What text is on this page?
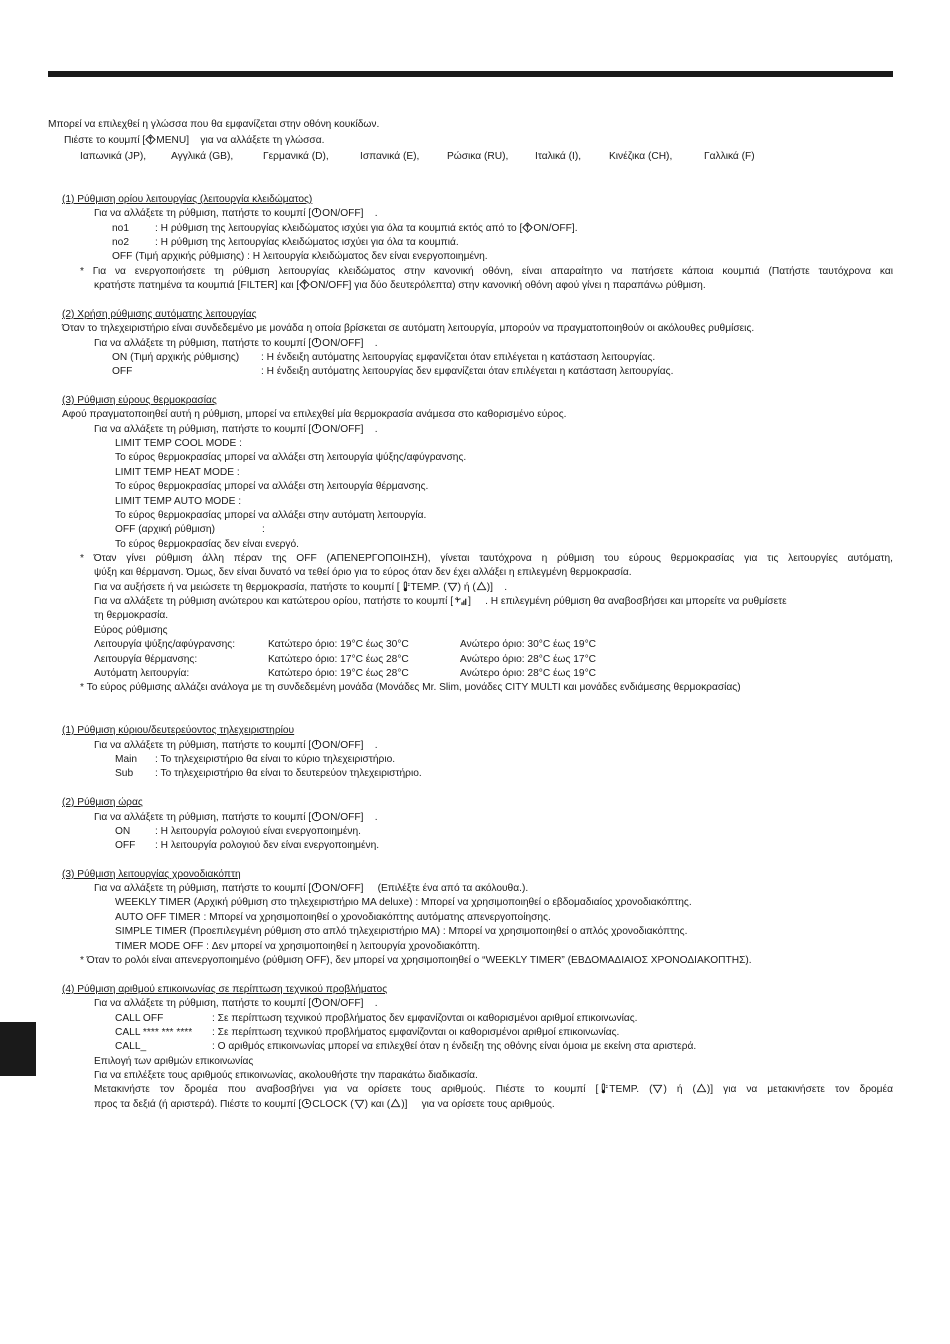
Μπορεί να επιλεχθεί η γλώσσα που θα εμφανίζεται στην οθόνη κουκίδων.
Πιέστε το κουμπί [ MENU] για να αλλάξετε τη γλώσσα.
Ιαπωνικά (JP), Αγγλικά (GB),	Γερμανικά (D),	Ισπανικά (E),	Ρώσικα (RU),	Ιταλικά (I),	Κινέζικα (CH),	Γαλλικά (F)
(1) Ρύθμιση ορίου λειτουργίας (λειτουργία κλειδώματος)
Για να αλλάξετε τη ρύθμιση, πατήστε το κουμπί [ ON/OFF] .
no1	: Η ρύθμιση της λειτουργίας κλειδώματος ισχύει για όλα τα κουμπιά εκτός από το [ ON/OFF].
no2	: Η ρύθμιση της λειτουργίας κλειδώματος ισχύει για όλα τα κουμπιά.
OFF (Τιμή αρχικής ρύθμισης) : Η λειτουργία κλειδώματος δεν είναι ενεργοποιημένη.
* Για να ενεργοποιήσετε τη ρύθμιση λειτουργίας κλειδώματος στην κανονική οθόνη, είναι απαραίτητο να πατήσετε κάποια κουμπιά (Πατήστε ταυτόχρονα και
κρατήστε πατημένα τα κουμπιά [FILTER] και [ ON/OFF] για δύο δευτερόλεπτα) στην κανονική οθόνη αφού γίνει η παραπάνω ρύθμιση.
(2) Χρήση ρύθμισης αυτόματης λειτουργίας
Όταν το τηλεχειριστήριο είναι συνδεδεμένο με μονάδα η οποία βρίσκεται σε αυτόματη λειτουργία, μπορούν να πραγματοποιηθούν οι ακόλουθες ρυθμίσεις.
Για να αλλάξετε τη ρύθμιση, πατήστε το κουμπί [ ON/OFF] .
ON (Τιμή αρχικής ρύθμισης) : Η ένδειξη αυτόματης λειτουργίας εμφανίζεται όταν επιλέγεται η κατάσταση λειτουργίας.
OFF	: Η ένδειξη αυτόματης λειτουργίας δεν εμφανίζεται όταν επιλέγεται η κατάσταση λειτουργίας.
(3) Ρύθμιση εύρους θερμοκρασίας
Αφού πραγματοποιηθεί αυτή η ρύθμιση, μπορεί να επιλεχθεί μία θερμοκρασία ανάμεσα στο καθορισμένο εύρος.
Για να αλλάξετε τη ρύθμιση, πατήστε το κουμπί [ ON/OFF] .
LIMIT TEMP COOL MODE :
Το εύρος θερμοκρασίας μπορεί να αλλάξει στη λειτουργία ψύξης/αφύγρανσης.
LIMIT TEMP HEAT MODE :
Το εύρος θερμοκρασίας μπορεί να αλλάξει στη λειτουργία θέρμανσης.
LIMIT TEMP AUTO MODE :
Το εύρος θερμοκρασίας μπορεί να αλλάξει στην αυτόματη λειτουργία.
OFF (αρχική ρύθμιση)	:
Το εύρος θερμοκρασίας δεν είναι ενεργό.
* Όταν γίνει ρύθμιση άλλη πέραν της OFF (ΑΠΕΝΕΡΓΟΠΟΙΗΣΗ), γίνεται ταυτόχρονα η ρύθμιση του εύρους θερμοκρασίας για τις λειτουργίες αυτόματη,
ψύξη και θέρμανση. Όμως, δεν είναι δυνατό να τεθεί όριο για το εύρος όταν δεν έχει αλλάξει η επιλεγμένη θερμοκρασία.
Για να αυξήσετε ή να μειώσετε τη θερμοκρασία, πατήστε το κουμπί [ TEMP. ( ) ή ( )] .
Για να αλλάξετε τη ρύθμιση ανώτερου και κατώτερου ορίου, πατήστε το κουμπί [ ] . Η επιλεγμένη ρύθμιση θα αναβοσβήσει και μπορείτε να ρυθμίσετε
τη θερμοκρασία.
Εύρος ρύθμισης
Λειτουργία ψύξης/αφύγρανσης:	Κατώτερο όριο: 19°C έως 30°C	Ανώτερο όριο: 30°C έως 19°C
Λειτουργία θέρμανσης:	Κατώτερο όριο: 17°C έως 28°C	Ανώτερο όριο: 28°C έως 17°C
Αυτόματη λειτουργία:	Κατώτερο όριο: 19°C έως 28°C	Ανώτερο όριο: 28°C έως 19°C
* Το εύρος ρύθμισης αλλάζει ανάλογα με τη συνδεδεμένη μονάδα (Μονάδες Mr. Slim, μονάδες CITY MULTI και μονάδες ενδιάμεσης θερμοκρασίας)
(1) Ρύθμιση κύριου/δευτερεύοντος τηλεχειριστηρίου
Για να αλλάξετε τη ρύθμιση, πατήστε το κουμπί [ ON/OFF] .
Main : Το τηλεχειριστήριο θα είναι το κύριο τηλεχειριστήριο.
Sub : Το τηλεχειριστήριο θα είναι το δευτερεύον τηλεχειριστήριο.
(2) Ρύθμιση ώρας
Για να αλλάξετε τη ρύθμιση, πατήστε το κουμπί [ ON/OFF] .
ON : Η λειτουργία ρολογιού είναι ενεργοποιημένη.
OFF : Η λειτουργία ρολογιού δεν είναι ενεργοποιημένη.
(3) Ρύθμιση λειτουργίας χρονοδιακόπτη
Για να αλλάξετε τη ρύθμιση, πατήστε το κουμπί [ ON/OFF] (Επιλέξτε ένα από τα ακόλουθα.).
WEEKLY TIMER (Αρχική ρύθμιση στο τηλεχειριστήριο MA deluxe) : Μπορεί να χρησιμοποιηθεί ο εβδομαδιαίος χρονοδιακόπτης.
AUTO OFF TIMER : Μπορεί να χρησιμοποιηθεί ο χρονοδιακόπτης αυτόματης απενεργοποίησης.
SIMPLE TIMER (Προεπιλεγμένη ρύθμιση στο απλό τηλεχειριστήριο MA) : Μπορεί να χρησιμοποιηθεί ο απλός χρονοδιακόπτης.
TIMER MODE OFF : Δεν μπορεί να χρησιμοποιηθεί η λειτουργία χρονοδιακόπτη.
* Όταν το ρολόι είναι απενεργοποιημένο (ρύθμιση OFF), δεν μπορεί να χρησιμοποιηθεί ο “WEEKLY TIMER” (ΕΒΔΟΜΑΔΙΑΙΟΣ ΧΡΟΝΟΔΙΑΚΟΠΤΗΣ).
(4) Ρύθμιση αριθμού επικοινωνίας σε περίπτωση τεχνικού προβλήματος
Για να αλλάξετε τη ρύθμιση, πατήστε το κουμπί [ ON/OFF] .
CALL OFF	: Σε περίπτωση τεχνικού προβλήματος δεν εμφανίζονται οι καθορισμένοι αριθμοί επικοινωνίας.
CALL **** *** **** : Σε περίπτωση τεχνικού προβλήματος εμφανίζονται οι καθορισμένοι αριθμοί επικοινωνίας.
CALL_	: Ο αριθμός επικοινωνίας μπορεί να επιλεχθεί όταν η ένδειξη της οθόνης είναι όμοια με εκείνη στα αριστερά.
Επιλογή των αριθμών επικοινωνίας
Για να επιλέξετε τους αριθμούς επικοινωνίας, ακολουθήστε την παρακάτω διαδικασία.
Μετακινήστε τον δρομέα που αναβοσβήνει για να ορίσετε τους αριθμούς. Πιέστε το κουμπί [ TEMP. ( ) ή ( )] για να μετακινήσετε τον δρομέα
προς τα δεξιά (ή αριστερά). Πιέστε το κουμπί [ CLOCK ( ) και ( )] για να ορίσετε τους αριθμούς.
